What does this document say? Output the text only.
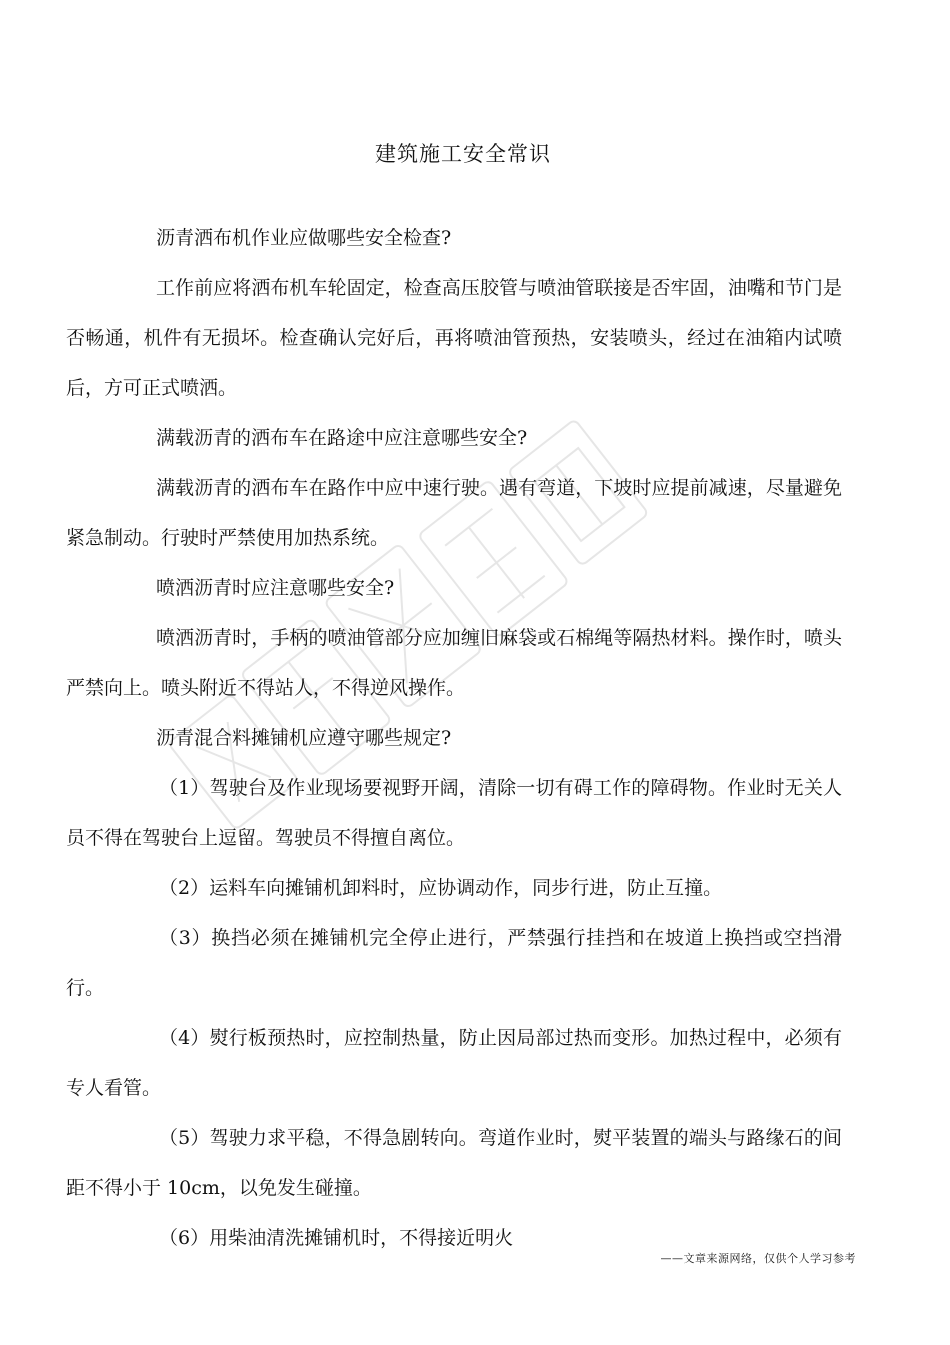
建筑施工安全常识

沥青洒布机作业应做哪些安全检查?

工作前应将洒布机车轮固定，检查高压胶管与喷油管联接是否牢固，油嘴和节门是否畅通，机件有无损坏。检查确认完好后，再将喷油管预热，安装喷头，经过在油箱内试喷后，方可正式喷洒。

满载沥青的洒布车在路途中应注意哪些安全?

满载沥青的洒布车在路作中应中速行驶。遇有弯道，下坡时应提前减速，尽量避免紧急制动。行驶时严禁使用加热系统。

喷洒沥青时应注意哪些安全?

喷洒沥青时，手柄的喷油管部分应加缠旧麻袋或石棉绳等隔热材料。操作时，喷头严禁向上。喷头附近不得站人，不得逆风操作。

沥青混合料摊铺机应遵守哪些规定?

（1）驾驶台及作业现场要视野开阔，清除一切有碍工作的障碍物。作业时无关人员不得在驾驶台上逗留。驾驶员不得擅自离位。

（2）运料车向摊铺机卸料时，应协调动作，同步行进，防止互撞。

（3）换挡必须在摊铺机完全停止进行，严禁强行挂挡和在坡道上换挡或空挡滑行。

（4）熨行板预热时，应控制热量，防止因局部过热而变形。加热过程中，必须有专人看管。

（5）驾驶力求平稳，不得急剧转向。弯道作业时，熨平装置的端头与路缘石的间距不得小于 10cm，以免发生碰撞。

（6）用柴油清洗摊铺机时，不得接近明火

——文章来源网络，仅供个人学习参考
